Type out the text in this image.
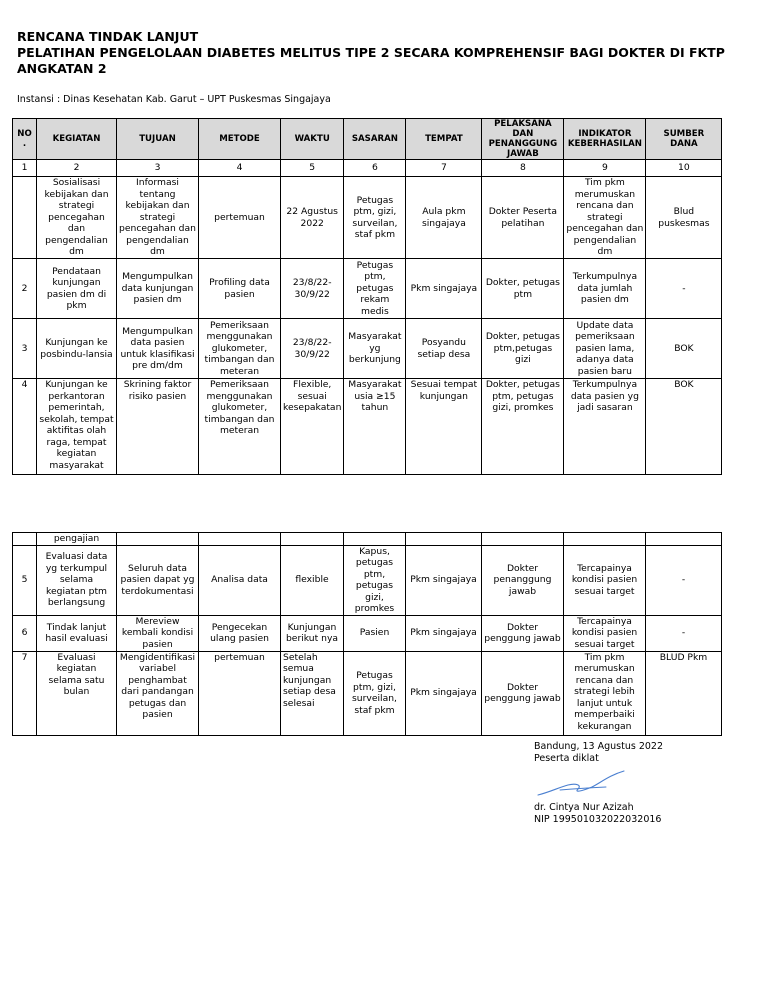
RENCANA TINDAK LANJUT
PELATIHAN PENGELOLAAN DIABETES MELITUS TIPE 2 SECARA KOMPREHENSIF BAGI DOKTER DI FKTP
ANGKATAN 2
Instansi : Dinas Kesehatan Kab. Garut – UPT Puskesmas Singajaya
NO .	KEGIATAN	TUJUAN	METODE	WAKTU	SASARAN	TEMPAT	PELAKSANA DAN PENANGGUNG JAWAB	INDIKATOR KEBERHASILAN	SUMBER DANA
1	2	3	4	5	6	7	8	9	10
	Sosialisasi kebijakan dan strategi pencegahan dan pengendalian dm	Informasi tentang kebijakan dan strategi pencegahan dan pengendalian dm	pertemuan	22 Agustus 2022	Petugas ptm, gizi, surveilan, staf pkm	Aula pkm singajaya	Dokter Peserta pelatihan	Tim pkm merumuskan rencana dan strategi pencegahan dan pengendalian dm	Blud puskesmas
2	Pendataan kunjungan pasien dm di pkm	Mengumpulkan data kunjungan pasien dm	Profiling data pasien	23/8/22-30/9/22	Petugas ptm, petugas rekam medis	Pkm singajaya	Dokter, petugas ptm	Terkumpulnya data jumlah pasien dm	-
3	Kunjungan ke posbindu-lansia	Mengumpulkan data pasien untuk klasifikasi pre dm/dm	Pemeriksaan menggunakan glukometer, timbangan dan meteran	23/8/22-30/9/22	Masyarakat yg berkunjung	Posyandu setiap desa	Dokter, petugas ptm,petugas gizi	Update data pemeriksaan pasien lama, adanya data pasien baru	BOK
4	Kunjungan ke perkantoran pemerintah, sekolah, tempat aktifitas olah raga, tempat kegiatan masyarakat	Skrining faktor risiko pasien	Pemeriksaan menggunakan glukometer, timbangan dan meteran	Flexible, sesuai kesepakatan	Masyarakat usia ≥15 tahun	Sesuai tempat kunjungan	Dokter, petugas ptm, petugas gizi, promkes	Terkumpulnya data pasien yg jadi sasaran	BOK
	pengajian								
5	Evaluasi data yg terkumpul selama kegiatan ptm berlangsung	Seluruh data pasien dapat yg terdokumentasi	Analisa data	flexible	Kapus, petugas ptm, petugas gizi, promkes	Pkm singajaya	Dokter penanggung jawab	Tercapainya kondisi pasien sesuai target	-
6	Tindak lanjut hasil evaluasi	Mereview kembali kondisi pasien	Pengecekan ulang pasien	Kunjungan berikut nya	Pasien	Pkm singajaya	Dokter penggung jawab	Tercapainya kondisi pasien sesuai target	-
7	Evaluasi kegiatan selama satu bulan	Mengidentifikasi variabel penghambat dari pandangan petugas dan pasien	pertemuan	Setelah semua kunjungan setiap desa selesai	Petugas ptm, gizi, surveilan, staf pkm	Pkm singajaya	Dokter penggung jawab	Tim pkm merumuskan rencana dan strategi lebih lanjut untuk memperbaiki kekurangan	BLUD Pkm
Bandung, 13 Agustus 2022
Peserta diklat
dr. Cintya Nur Azizah
NIP 199501032022032016
